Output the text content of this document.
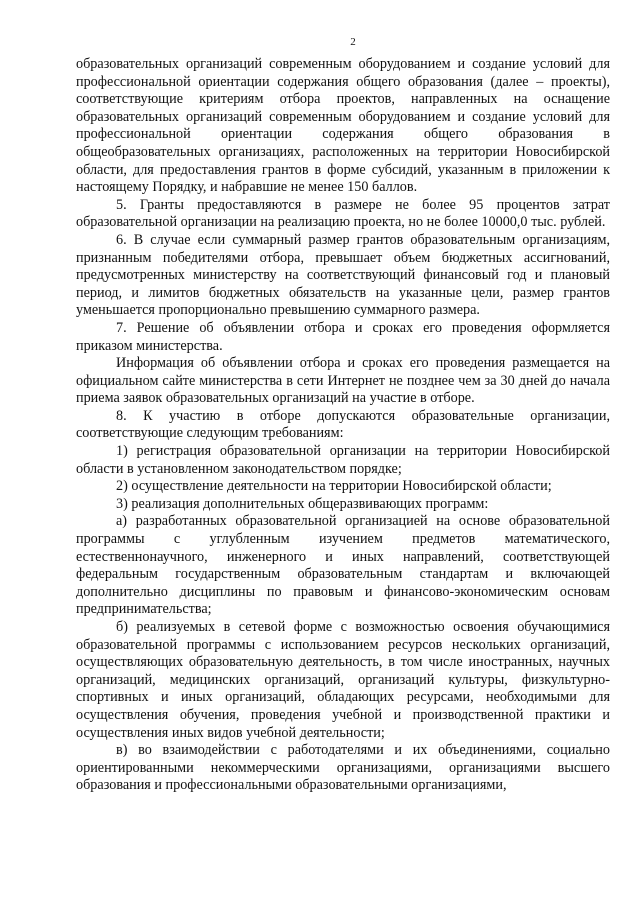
2

образовательных организаций современным оборудованием и создание условий для профессиональной ориентации содержания общего образования (далее – проекты), соответствующие критериям отбора проектов, направленных на оснащение образовательных организаций современным оборудованием и создание условий для профессиональной ориентации содержания общего образования в общеобразовательных организациях, расположенных на территории Новосибирской области, для предоставления грантов в форме субсидий, указанным в приложении к настоящему Порядку, и набравшие не менее 150 баллов.

5. Гранты предоставляются в размере не более 95 процентов затрат образовательной организации на реализацию проекта, но не более 10000,0 тыс. рублей.

6. В случае если суммарный размер грантов образовательным организациям, признанным победителями отбора, превышает объем бюджетных ассигнований, предусмотренных министерству на соответствующий финансовый год и плановый период, и лимитов бюджетных обязательств на указанные цели, размер грантов уменьшается пропорционально превышению суммарного размера.

7. Решение об объявлении отбора и сроках его проведения оформляется приказом министерства.

Информация об объявлении отбора и сроках его проведения размещается на официальном сайте министерства в сети Интернет не позднее чем за 30 дней до начала приема заявок образовательных организаций на участие в отборе.

8. К участию в отборе допускаются образовательные организации, соответствующие следующим требованиям:

1) регистрация образовательной организации на территории Новосибирской области в установленном законодательством порядке;

2) осуществление деятельности на территории Новосибирской области;

3) реализация дополнительных общеразвивающих программ:

а) разработанных образовательной организацией на основе образовательной программы с углубленным изучением предметов математического, естественнонаучного, инженерного и иных направлений, соответствующей федеральным государственным образовательным стандартам и включающей дополнительно дисциплины по правовым и финансово-экономическим основам предпринимательства;

б) реализуемых в сетевой форме с возможностью освоения обучающимися образовательной программы с использованием ресурсов нескольких организаций, осуществляющих образовательную деятельность, в том числе иностранных, научных организаций, медицинских организаций, организаций культуры, физкультурно-спортивных и иных организаций, обладающих ресурсами, необходимыми для осуществления обучения, проведения учебной и производственной практики и осуществления иных видов учебной деятельности;

в) во взаимодействии с работодателями и их объединениями, социально ориентированными некоммерческими организациями, организациями высшего образования и профессиональными образовательными организациями,
